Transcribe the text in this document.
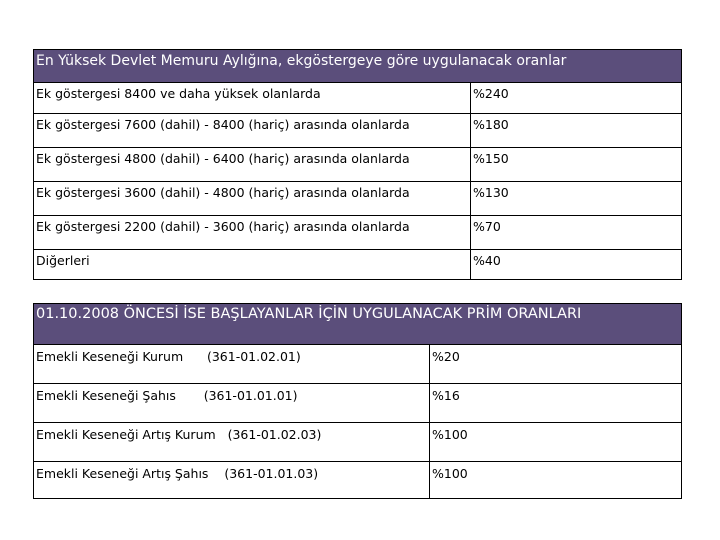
En Yüksek Devlet Memuru Aylığına, ekgöstergeye göre uygulanacak oranlar	
Ek göstergesi 8400 ve daha yüksek olanlarda	%240
Ek göstergesi 7600 (dahil) - 8400 (hariç) arasında olanlarda	%180
Ek göstergesi 4800 (dahil) - 6400 (hariç) arasında olanlarda	%150
Ek göstergesi 3600 (dahil) - 4800 (hariç) arasında olanlarda	%130
Ek göstergesi 2200 (dahil) - 3600 (hariç) arasında olanlarda	%70
Diğerleri	%40
01.10.2008 ÖNCESİ İSE BAŞLAYANLAR İÇİN UYGULANACAK PRİM ORANLARI	
Emekli Keseneği Kurum      (361-01.02.01)	%20
Emekli Keseneği Şahıs       (361-01.01.01)	%16
Emekli Keseneği Artış Kurum   (361-01.02.03)	%100
Emekli Keseneği Artış Şahıs    (361-01.01.03)	%100
